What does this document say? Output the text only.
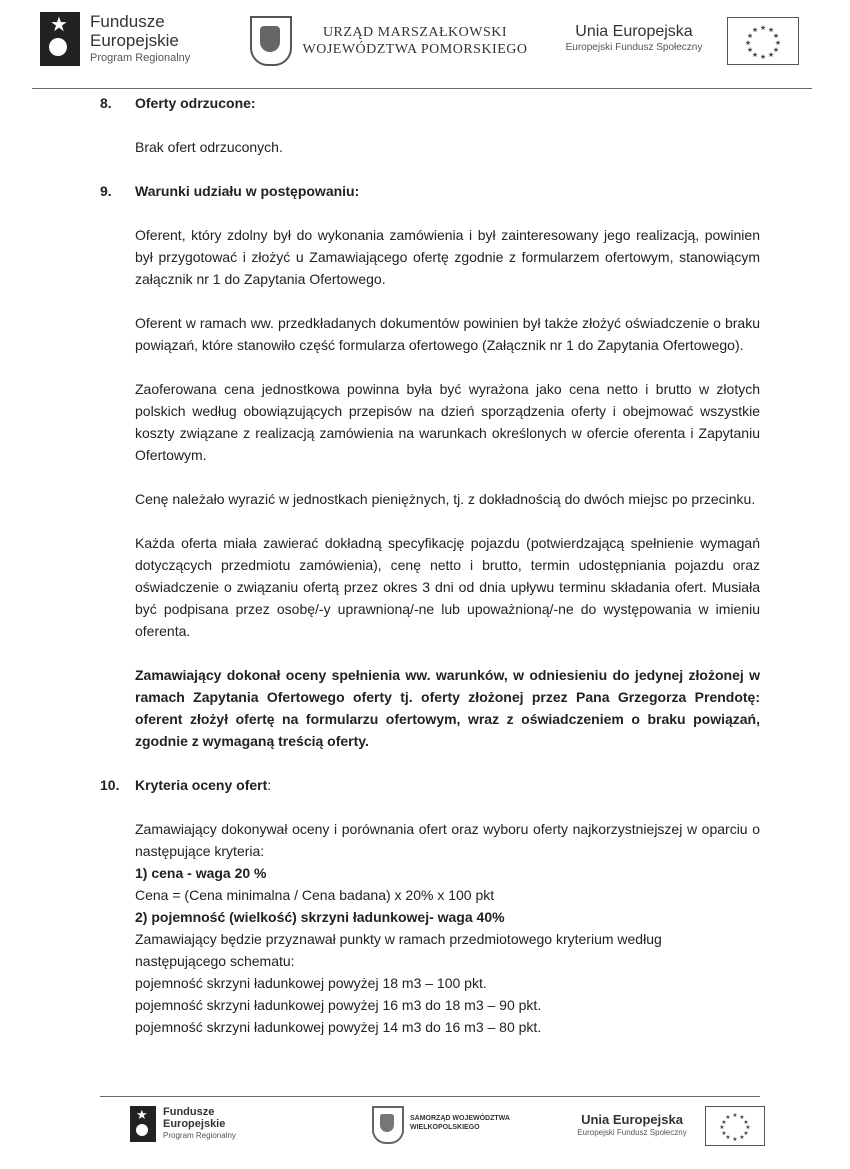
★ Fundusze
Europejskie
Program Regionalny
URZĄD MARSZAŁKOWSKI
WOJEWÓDZTWA POMORSKIEGO
Unia Europejska
Europejski Fundusz Społeczny
★ ★
★
★
★
★
★
★
★
★
★
★
8.	Oferty odrzucone:
Brak ofert odrzuconych.
9.	Warunki udziału w postępowaniu:
Oferent, który zdolny był do wykonania zamówienia i był zainteresowany jego realizacją, powinien był przygotować i złożyć u Zamawiającego ofertę zgodnie z formularzem ofertowym, stanowiącym załącznik nr 1 do Zapytania Ofertowego.
Oferent w ramach ww. przedkładanych dokumentów powinien był także złożyć oświadczenie o braku powiązań, które stanowiło część formularza ofertowego (Załącznik nr 1 do Zapytania Ofertowego).
Zaoferowana cena jednostkowa powinna była być wyrażona jako cena netto i brutto w złotych polskich według obowiązujących przepisów na dzień sporządzenia oferty i obejmować wszystkie koszty związane z realizacją zamówienia na warunkach określonych w ofercie oferenta i Zapytaniu Ofertowym.
Cenę należało wyrazić w jednostkach pieniężnych, tj. z dokładnością do dwóch miejsc po przecinku.
Każda oferta miała zawierać dokładną specyfikację pojazdu (potwierdzającą spełnienie wymagań dotyczących przedmiotu zamówienia), cenę netto i brutto, termin udostępniania pojazdu oraz oświadczenie o związaniu ofertą przez okres 3 dni od dnia upływu terminu składania ofert. Musiała być podpisana przez osobę/-y uprawnioną/-ne lub upoważnioną/-ne do występowania w imieniu oferenta.
Zamawiający dokonał oceny spełnienia ww. warunków, w odniesieniu do jedynej złożonej w ramach Zapytania Ofertowego oferty tj. oferty złożonej przez Pana Grzegorza Prendotę: oferent złożył ofertę na formularzu ofertowym, wraz z oświadczeniem o braku powiązań, zgodnie z wymaganą treścią oferty.
10.	Kryteria oceny ofert:
Zamawiający dokonywał oceny i porównania ofert oraz wyboru oferty najkorzystniejszej w oparciu o następujące kryteria:
1) cena - waga 20 %
Cena = (Cena minimalna / Cena badana) x 20% x 100 pkt
2) pojemność (wielkość) skrzyni ładunkowej- waga 40%
Zamawiający będzie przyznawał punkty w ramach przedmiotowego kryterium według następującego schematu:
pojemność skrzyni ładunkowej powyżej 18 m3 – 100 pkt.
pojemność skrzyni ładunkowej powyżej 16 m3 do 18 m3 – 90 pkt.
pojemność skrzyni ładunkowej powyżej 14 m3 do 16 m3 – 80 pkt.
★ Fundusze
Europejskie
Program Regionalny
SAMORZĄD WOJEWÓDZTWA
WIELKOPOLSKIEGO
Unia Europejska
Europejski Fundusz Społeczny
★ ★
★
★
★
★
★
★
★
★
★
★
